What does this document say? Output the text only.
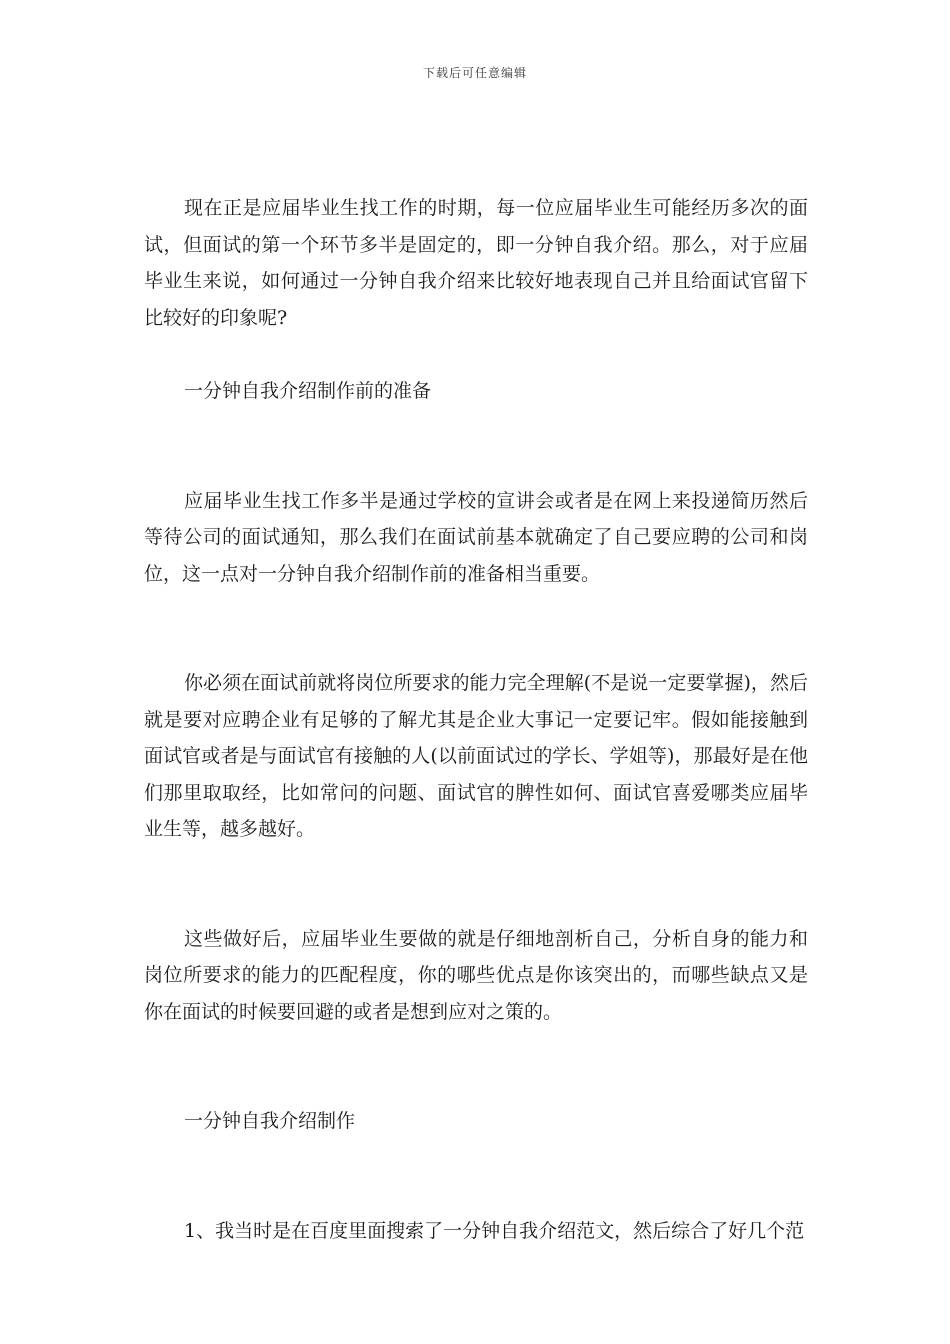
下载后可任意编辑

现在正是应届毕业生找工作的时期，每一位应届毕业生可能经历多次的面试，但面试的第一个环节多半是固定的，即一分钟自我介绍。那么，对于应届毕业生来说，如何通过一分钟自我介绍来比较好地表现自己并且给面试官留下比较好的印象呢?

一分钟自我介绍制作前的准备

应届毕业生找工作多半是通过学校的宣讲会或者是在网上来投递简历然后等待公司的面试通知，那么我们在面试前基本就确定了自己要应聘的公司和岗位，这一点对一分钟自我介绍制作前的准备相当重要。

你必须在面试前就将岗位所要求的能力完全理解(不是说一定要掌握)，然后就是要对应聘企业有足够的了解尤其是企业大事记一定要记牢。假如能接触到面试官或者是与面试官有接触的人(以前面试过的学长、学姐等)，那最好是在他们那里取取经，比如常问的问题、面试官的脾性如何、面试官喜爱哪类应届毕业生等，越多越好。

这些做好后，应届毕业生要做的就是仔细地剖析自己，分析自身的能力和岗位所要求的能力的匹配程度，你的哪些优点是你该突出的，而哪些缺点又是你在面试的时候要回避的或者是想到应对之策的。

一分钟自我介绍制作

1、我当时是在百度里面搜索了一分钟自我介绍范文，然后综合了好几个范
